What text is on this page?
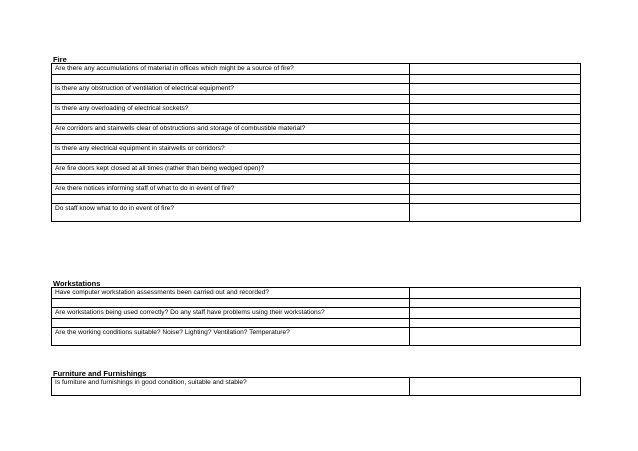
Fire
Are there any accumulations of material in offices which might be a source of fire?	

Is there any obstruction of ventilation of electrical equipment?	

Is there any overloading of electrical sockets?	

Are corridors and stairwells clear of obstructions and storage of combustible material?	

Is there any electrical equipment in stairwells or corridors?	

Are fire doors kept closed at all times (rather than being wedged open)?	

Are there notices informing staff of what to do in event of fire?	

Do staff know what to do in event of fire?	
Workstations
Have computer workstation assessments been carried out and recorded?	

Are workstations being used correctly? Do any staff have problems using their workstations?	

Are the working conditions suitable? Noise? Lighting? Ventilation? Temperature?	
Furniture and Furnishings
Is furniture and furnishings in good condition, suitable and stable?	
